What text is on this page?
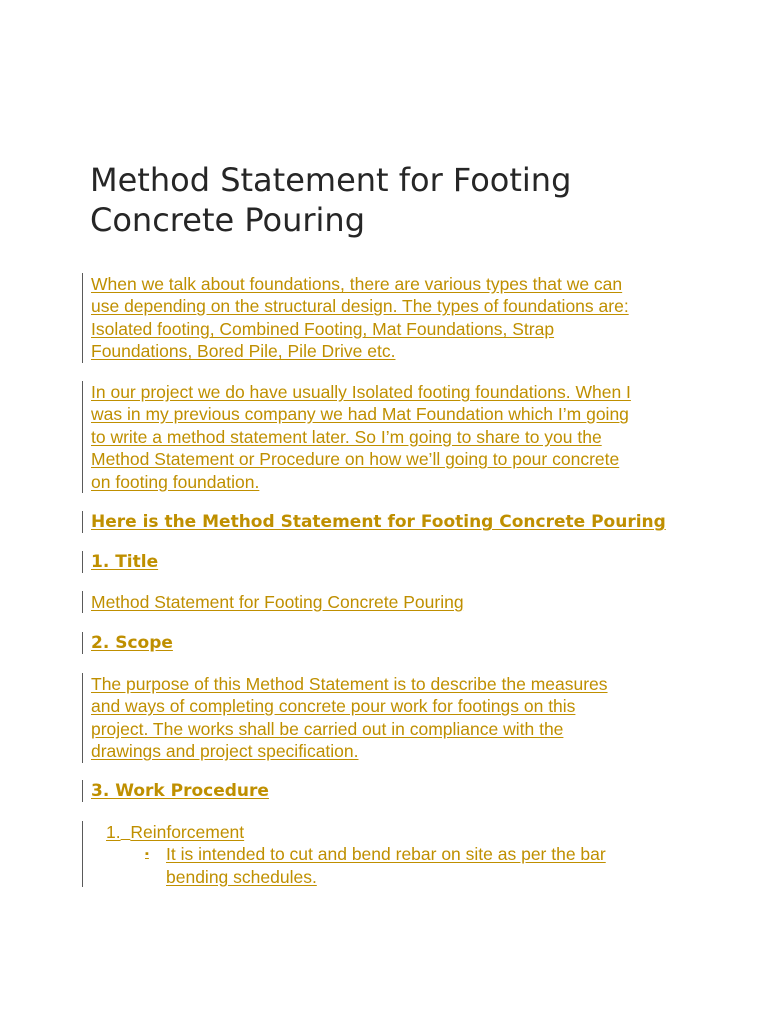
Method Statement for Footing
Concrete Pouring

When we talk about foundations, there are various types that we can
use depending on the structural design. The types of foundations are:
Isolated footing, Combined Footing, Mat Foundations, Strap
Foundations, Bored Pile, Pile Drive etc.

In our project we do have usually Isolated footing foundations. When I
was in my previous company we had Mat Foundation which I’m going
to write a method statement later. So I’m going to share to you the
Method Statement or Procedure on how we’ll going to pour concrete
on footing foundation.

Here is the Method Statement for Footing Concrete Pouring
1. Title

Method Statement for Footing Concrete Pouring

2. Scope

The purpose of this Method Statement is to describe the measures
and ways of completing concrete pour work for footings on this
project. The works shall be carried out in compliance with the
drawings and project specification.

3. Work Procedure

1. Reinforcement

▪ It is intended to cut and bend rebar on site as per the bar
bending schedules.
